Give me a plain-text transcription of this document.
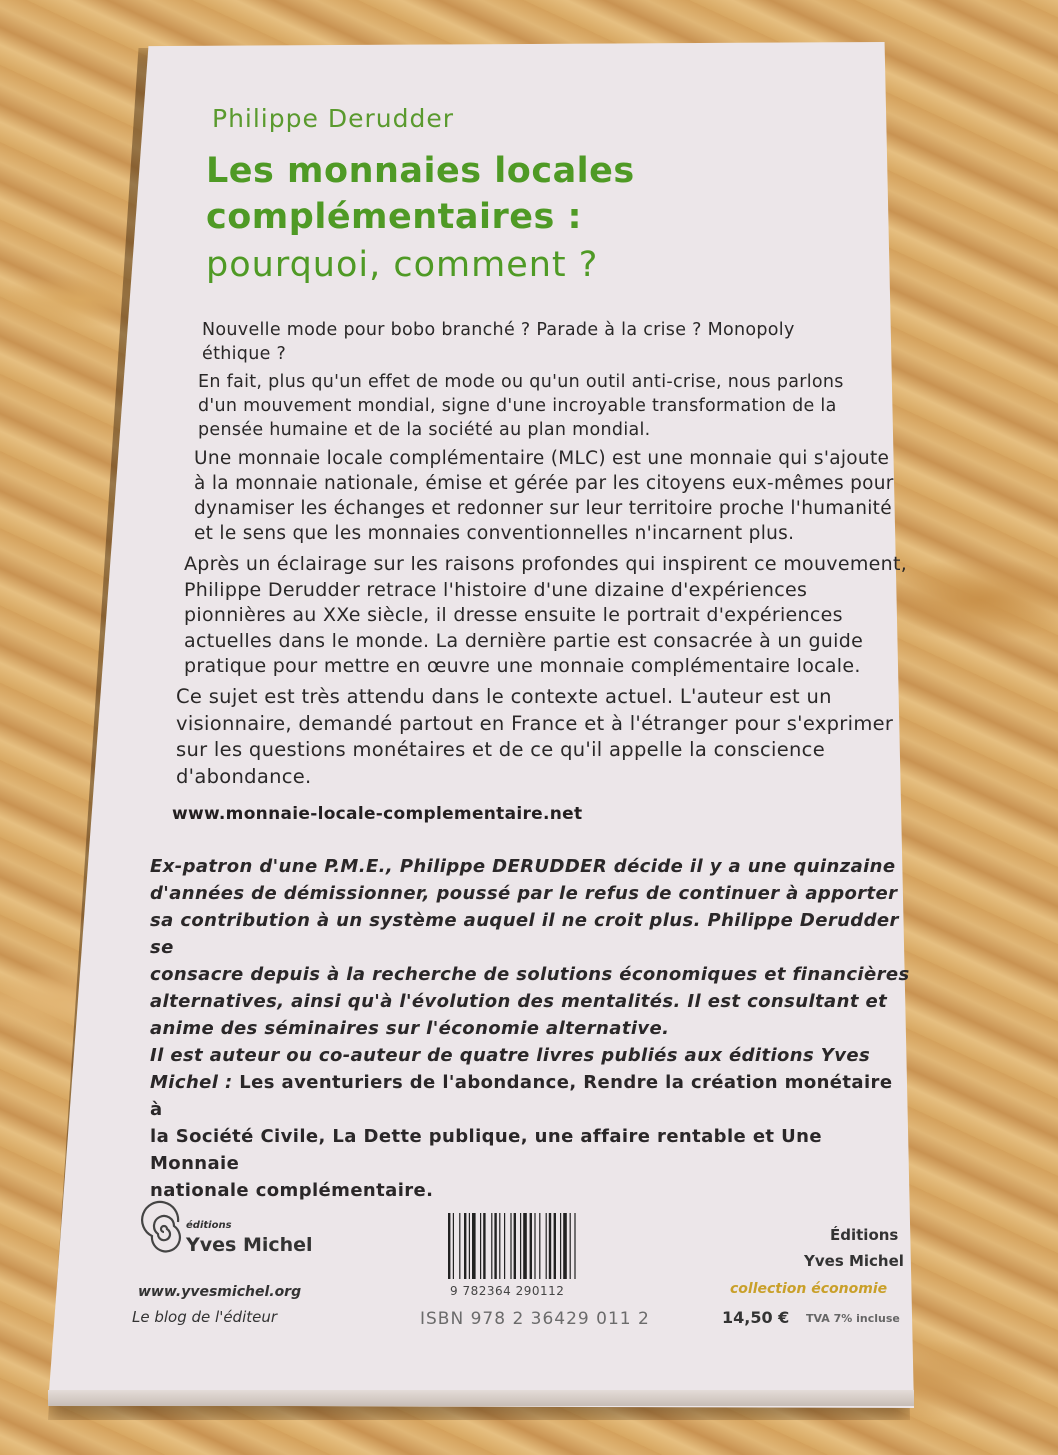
Philippe Derudder
Les monnaies locales
complémentaires :
pourquoi, comment ?
Nouvelle mode pour bobo branché ? Parade à la crise ? Monopoly
éthique ?
En fait, plus qu'un effet de mode ou qu'un outil anti-crise, nous parlons
d'un mouvement mondial, signe d'une incroyable transformation de la
pensée humaine et de la société au plan mondial.
Une monnaie locale complémentaire (MLC) est une monnaie qui s'ajoute
à la monnaie nationale, émise et gérée par les citoyens eux-mêmes pour
dynamiser les échanges et redonner sur leur territoire proche l'humanité
et le sens que les monnaies conventionnelles n'incarnent plus.
Après un éclairage sur les raisons profondes qui inspirent ce mouvement,
Philippe Derudder retrace l'histoire d'une dizaine d'expériences
pionnières au XXe siècle, il dresse ensuite le portrait d'expériences
actuelles dans le monde. La dernière partie est consacrée à un guide
pratique pour mettre en œuvre une monnaie complémentaire locale.
Ce sujet est très attendu dans le contexte actuel. L'auteur est un
visionnaire, demandé partout en France et à l'étranger pour s'exprimer
sur les questions monétaires et de ce qu'il appelle la conscience
d'abondance.
www.monnaie-locale-complementaire.net
Ex-patron d'une P.M.E., Philippe DERUDDER décide il y a une quinzaine
d'années de démissionner, poussé par le refus de continuer à apporter
sa contribution à un système auquel il ne croit plus. Philippe Derudder se
consacre depuis à la recherche de solutions économiques et financières
alternatives, ainsi qu'à l'évolution des mentalités. Il est consultant et
anime des séminaires sur l'économie alternative.
Il est auteur ou co-auteur de quatre livres publiés aux éditions Yves
Michel : Les aventuriers de l'abondance, Rendre la création monétaire à
la Société Civile, La Dette publique, une affaire rentable et Une Monnaie
nationale complémentaire.
éditions
Yves Michel
www.yvesmichel.org
Le blog de l'éditeur
9 782364 290112
ISBN 978 2 36429 011 2
Éditions
Yves Michel
collection économie
14,50 € TVA 7% incluse
